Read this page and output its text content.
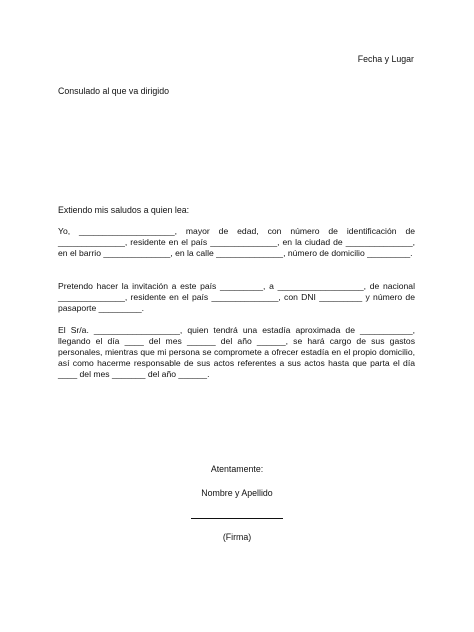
Fecha y Lugar
Consulado al que va dirigido
Extiendo mis saludos a quien lea:
Yo, ____________________, mayor de edad, con número de identificación de ______________, residente en el país ______________, en la ciudad de ______________, en el barrio ______________, en la calle ______________, número de domicilio _________.
Pretendo hacer la invitación a este país _________, a __________________, de nacional ______________, residente en el país ______________, con DNI _________ y número de pasaporte _________.
El Sr/a. __________________, quien tendrá una estadía aproximada de ___________, llegando el día ____ del mes ______ del año ______, se hará cargo de sus gastos personales, mientras que mi persona se compromete a ofrecer estadía en el propio domicilio, así como hacerme responsable de sus actos referentes a sus actos hasta que parta el día ____ del mes _______ del año ______.
Atentamente:
Nombre y Apellido
(Firma)
